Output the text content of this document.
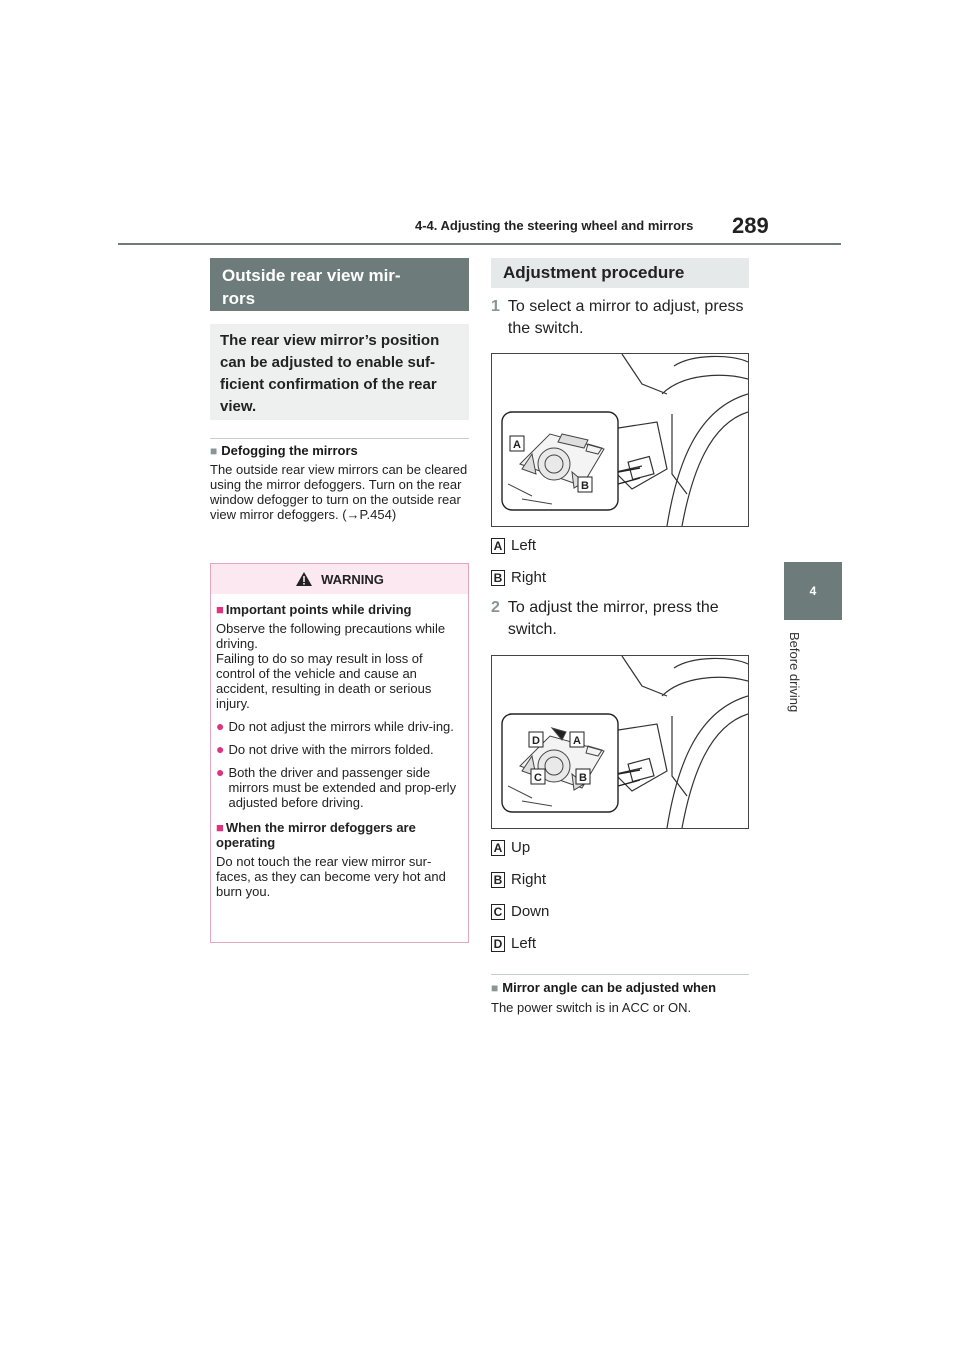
4-4. Adjusting the steering wheel and mirrors 289
4
Before driving
Outside rear view mir-
rors
The rear view mirror’s position can be adjusted to enable suf-ficient confirmation of the rear view.
■ Defogging the mirrors
The outside rear view mirrors can be cleared using the mirror defoggers. Turn on the rear window defogger to turn on the outside rear view mirror defoggers. (→P.454)
WARNING
■ Important points while driving

Observe the following precautions while driving.

Failing to do so may result in loss of control of the vehicle and cause an accident, resulting in death or serious injury.

● Do not adjust the mirrors while driv-ing.
● Do not drive with the mirrors folded.
● Both the driver and passenger side mirrors must be extended and prop-erly adjusted before driving.
■ When the mirror defoggers are operating

Do not touch the rear view mirror sur-faces, as they can become very hot and burn you.

Adjustment procedure
1 To select a mirror to adjust, press the switch.
A
B
A Left
B Right
2 To adjust the mirror, press the switch.
D	A
C	B
A Up
B Right
C Down
D Left
■ Mirror angle can be adjusted when
The power switch is in ACC or ON.
